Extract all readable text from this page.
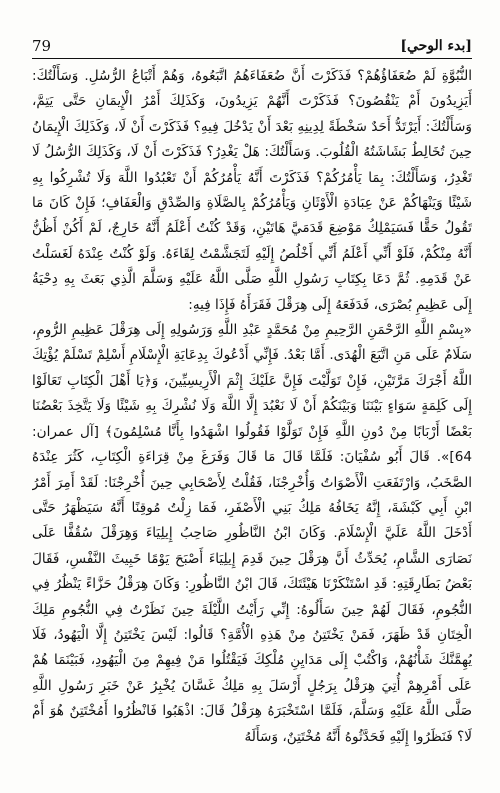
79	[بدء الوحي]

النُّبُوَّةِ لَمْ ضُعَفَاؤُهُمْ؟ فَذَكَرْتَ أَنَّ ضُعَفَاءَهُمُ اتَّبَعُوهُ، وَهُمْ أَتْبَاعُ الرُّسُلِ. وَسَأَلْتُكَ: أَيَزِيدُونَ أَمْ يَنْقُصُونَ؟ فَذَكَرْتَ أَنَّهُمْ يَزِيدُونَ، وَكَذَلِكَ أَمْرُ الْإِيمَانِ حَتَّى يَتِمَّ، وَسَأَلْتُكَ: أَيَرْتَدُّ أَحَدٌ سَخْطَةً لِدِينِهِ بَعْدَ أَنْ يَدْخُلَ فِيهِ؟ فَذَكَرْتَ أَنْ لَا، وَكَذَلِكَ الْإِيمَانُ حِينَ تُخَالِطُ بَشَاشَتُهُ الْقُلُوبَ. وَسَأَلْتُكَ: هَلْ يَغْدِرُ؟ فَذَكَرْتَ أَنْ لَا، وَكَذَلِكَ الرُّسُلُ لَا تَغْدِرُ، وَسَأَلْتُكَ: بِمَا يَأْمُرُكُمْ؟ فَذَكَرْتَ أَنَّهُ يَأْمُرُكُمْ أَنْ تَعْبُدُوا اللَّهَ وَلَا تُشْرِكُوا بِهِ شَيْئًا وَيَنْهَاكُمْ عَنْ عِبَادَةِ الْأَوْثَانِ وَيَأْمُرُكُمْ بِالصَّلَاةِ وَالصِّدْقِ وَالْعَفَافِ؛ فَإِنْ كَانَ مَا تَقُولُ حَقًّا فَسَيَمْلِكُ مَوْضِعَ قَدَمَيَّ هَاتَيْنِ، وَقَدْ كُنْتُ أَعْلَمُ أَنَّهُ خَارِجٌ، لَمْ أَكُنْ أَظُنُّ أَنَّهُ مِنْكُمْ، فَلَوْ أَنِّي أَعْلَمُ أَنِّي أَخْلُصُ إِلَيْهِ لَتَجَشَّمْتُ لِقَاءَهُ. وَلَوْ كُنْتُ عِنْدَهُ لَغَسَلْتُ عَنْ قَدَمِهِ. ثُمَّ دَعَا بِكِتَابِ رَسُولِ اللَّهِ صَلَّى اللَّهُ عَلَيْهِ وَسَلَّمَ الَّذِي بَعَثَ بِهِ دِحْيَةُ إِلَى عَظِيمِ بُصْرَى، فَدَفَعَهُ إِلَى هِرَقْلَ فَقَرَأَهُ فَإِذَا فِيهِ:

«بِسْمِ اللَّهِ الرَّحْمَنِ الرَّحِيمِ مِنْ مُحَمَّدٍ عَبْدِ اللَّهِ وَرَسُولِهِ إِلَى هِرَقْلَ عَظِيمِ الرُّومِ، سَلَامٌ عَلَى مَنِ اتَّبَعَ الْهُدَى. أَمَّا بَعْدُ. فَإِنِّي أَدْعُوكَ بِدِعَايَةِ الْإِسْلَامِ أَسْلِمْ تَسْلَمْ يُؤْتِكَ اللَّهُ أَجْرَكَ مَرَّتَيْنِ، فَإِنْ تَوَلَّيْتَ فَإِنَّ عَلَيْكَ إِثْمَ الْأَرِيسِيِّينَ، وَ﴿يَا أَهْلَ الْكِتَابِ تَعَالَوْا إِلَى كَلِمَةٍ سَوَاءٍ بَيْنَنَا وَبَيْنَكُمْ أَنْ لَا نَعْبُدَ إِلَّا اللَّهَ وَلَا نُشْرِكَ بِهِ شَيْئًا وَلَا يَتَّخِذَ بَعْضُنَا بَعْضًا أَرْبَابًا مِنْ دُونِ اللَّهِ فَإِنْ تَوَلَّوْا فَقُولُوا اشْهَدُوا بِأَنَّا مُسْلِمُونَ﴾ [آل عمران: 64]». قَالَ أَبُو سُفْيَانَ: فَلَمَّا قَالَ مَا قَالَ وَفَرَغَ مِنْ قِرَاءَةِ الْكِتَابِ، كَثُرَ عِنْدَهُ الصَّخَبُ، وَارْتَفَعَتِ الْأَصْوَاتُ وَأُخْرِجْنَا، فَقُلْتُ لِأَصْحَابِي حِينَ أُخْرِجْنَا: لَقَدْ أَمِرَ أَمْرُ ابْنِ أَبِي كَبْشَةَ، إِنَّهُ يَخَافُهُ مَلِكُ بَنِي الْأَصْفَرِ، فَمَا زِلْتُ مُوقِنًا أَنَّهُ سَيَظْهَرُ حَتَّى أَدْخَلَ اللَّهُ عَلَيَّ الْإِسْلَامَ. وَكَانَ ابْنُ النَّاظُورِ صَاحِبُ إِيلِيَاءَ وَهِرَقْلَ سُقُفًّا عَلَى نَصَارَى الشَّامِ، يُحَدِّثُ أَنَّ هِرَقْلَ حِينَ قَدِمَ إِيلِيَاءَ أَصْبَحَ يَوْمًا خَبِيثَ النَّفْسِ، فَقَالَ بَعْضُ بَطَارِقَتِهِ: قَدِ اسْتَنْكَرْنَا هَيْئَتَكَ، قَالَ ابْنُ النَّاظُورِ: وَكَانَ هِرَقْلُ حَزَّاءً يَنْظُرُ فِي النُّجُومِ، فَقَالَ لَهُمْ حِينَ سَأَلُوهُ: إِنِّي رَأَيْتُ اللَّيْلَةَ حِينَ نَظَرْتُ فِي النُّجُومِ مَلِكَ الْخِتَانِ قَدْ ظَهَرَ، فَمَنْ يَخْتَتِنُ مِنْ هَذِهِ الْأُمَّةِ؟ قَالُوا: لَيْسَ يَخْتَتِنُ إِلَّا الْيَهُودُ، فَلَا يُهِمَّنَّكَ شَأْنُهُمْ، وَاكْتُبْ إِلَى مَدَايِنِ مُلْكِكَ فَيَقْتُلُوا مَنْ فِيهِمْ مِنَ الْيَهُودِ، فَبَيْنَمَا هُمْ عَلَى أَمْرِهِمْ أُتِيَ هِرَقْلُ بِرَجُلٍ أَرْسَلَ بِهِ مَلِكُ غَسَّانَ يُخْبِرُ عَنْ خَبَرِ رَسُولِ اللَّهِ صَلَّى اللَّهُ عَلَيْهِ وَسَلَّمَ، فَلَمَّا اسْتَخْبَرَهُ هِرَقْلُ قَالَ: اذْهَبُوا فَانْظُرُوا أَمُخْتَتِنٌ هُوَ أَمْ لَا؟ فَنَظَرُوا إِلَيْهِ فَحَدَّثُوهُ أَنَّهُ مُخْتَتِنٌ، وَسَأَلَهُ
